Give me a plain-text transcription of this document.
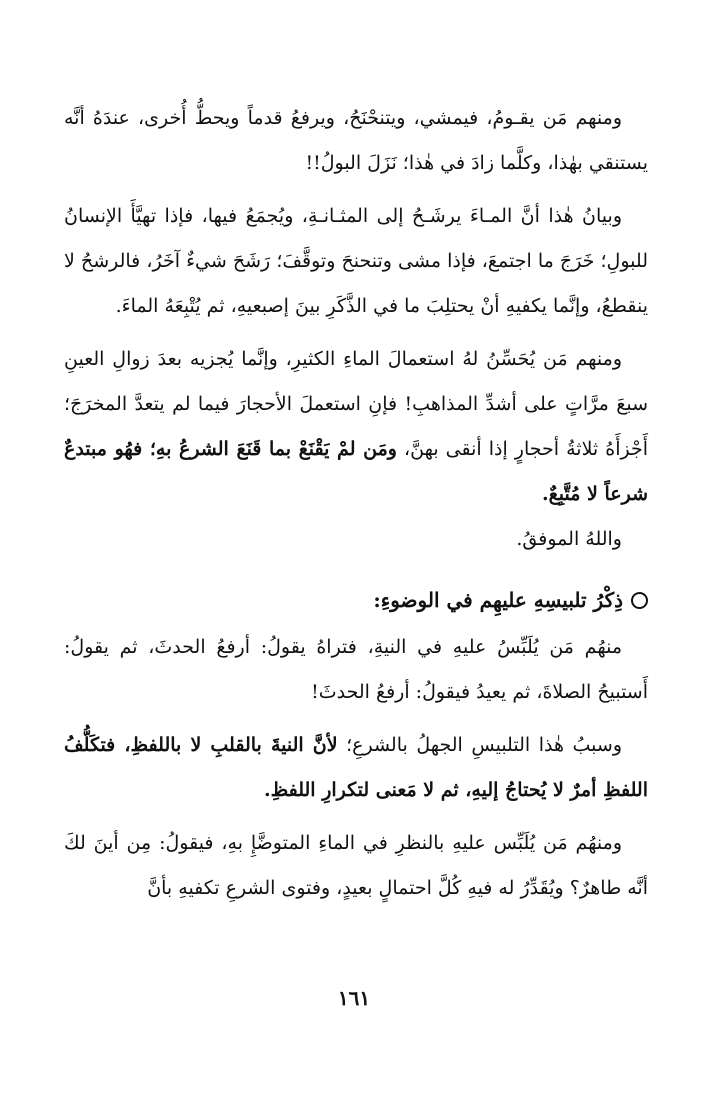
ومنهم مَن يقـومُ، فيمشي، ويتنحْنَحُ، ويرفعُ قدماً ويحطُّ أُخرى، عندَهُ أنَّه يستنقي بهٰذا، وكلَّما زادَ في هٰذا؛ نَزَلَ البولُ!!

وبيانُ هٰذا أنَّ المـاءَ يرشَـحُ إلى المثـانـةِ، ويُجمَعُ فيها، فإذا تهيَّأَ الإنسانُ للبولِ؛ خَرَجَ ما اجتمعَ، فإذا مشى وتنحنحَ وتوقَّفَ؛ رَشَحَ شيءٌ آخَرُ، فالرشحُ لا ينقطعُ، وإنَّما يكفيهِ أنْ يحتلِبَ ما في الذَّكَرِ بينَ إصبعيهِ، ثم يُتْبِعَهُ الماءَ.

ومنهم مَن يُحَسِّنُ لهُ استعمالَ الماءِ الكثيرِ، وإنَّما يُجزيه بعدَ زوالِ العينِ سبعَ مرَّاتٍ على أشدِّ المذاهبِ! فإنِ استعملَ الأحجارَ فيما لم يتعدَّ المخرَجَ؛ أَجْزأَهُ ثلاثةُ أحجارٍ إذا أنقى بهنَّ، ومَن لمْ يَقْنَعْ بما قَنَعَ الشرعُ بهِ؛ فهُو مبتدعٌ شرعاً لا مُتَّبِعٌ.

واللهُ الموفقُ.

ذِكْرُ تلبيسِهِ عليهِم في الوضوءِ:

منهُم مَن يُلَبِّسُ عليهِ في النيةِ، فتراهُ يقولُ: أرفعُ الحدثَ، ثم يقولُ: أَستبيحُ الصلاةَ، ثم يعيدُ فيقولُ: أرفعُ الحدثَ!

وسببُ هٰذا التلبيسِ الجهلُ بالشرعِ؛ لأنَّ النيةَ بالقلبِ لا باللفظِ، فتكَلُّفُ اللفظِ أمرٌ لا يُحتاجُ إليهِ، ثم لا مَعنى لتكرارِ اللفظِ.

ومنهُم مَن يُلَبِّس عليهِ بالنظرِ في الماءِ المتوضَّإِ بهِ، فيقولُ: مِن أينَ لكَ أنَّه طاهرٌ؟ ويُقَدِّرُ له فيهِ كُلَّ احتمالٍ بعيدٍ، وفتوى الشرعِ تكفيهِ بأنَّ

١٦١
